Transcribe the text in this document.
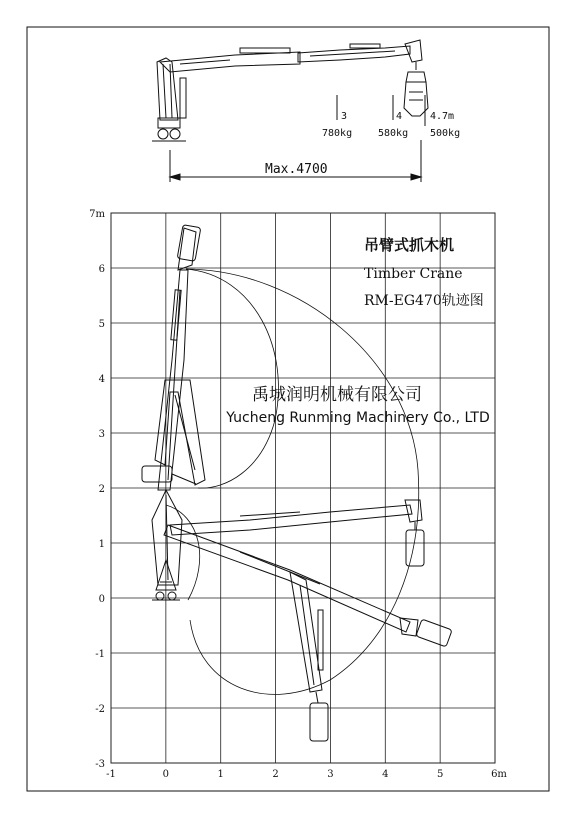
3
780kg
4
580kg
4.7m
500kg
Max.4700
-1	0	1	2	3	4	5	6m
7m
6
5
4
3
2
1
0
-1
-2
-3
吊臂式抓木机
Timber Crane
RM-EG470轨迹图
禹城润明机械有限公司
Yucheng Runming Machinery Co., LTD
